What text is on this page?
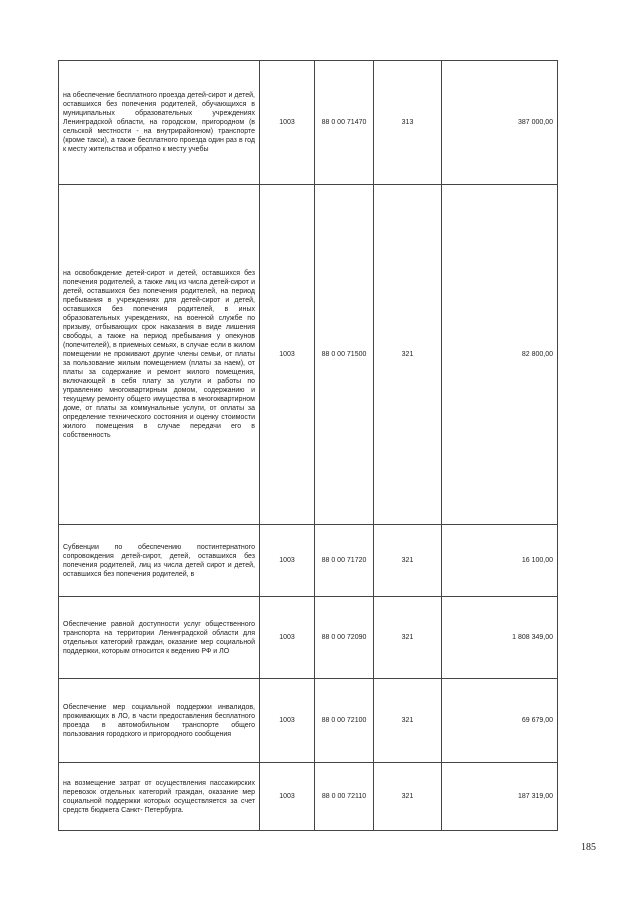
на обеспечение бесплатного проезда детей-сирот и детей, оставшихся без попечения родителей, обучающихся в муниципальных образовательных учреждениях Ленинградской области, на городском, пригородном (в сельской местности - на внутрирайонном) транспорте (кроме такси), а также бесплатного проезда один раз в год к месту жительства и обратно к месту учебы	1003	88 0 00 71470	313	387 000,00
на освобождение детей-сирот и детей, оставшихся без попечения родителей, а также лиц из числа детей-сирот и детей, оставшихся без попечения родителей, на период пребывания в учреждениях для детей-сирот и детей, оставшихся без попечения родителей, в иных образовательных учреждениях, на военной службе по призыву, отбывающих срок наказания в виде лишения свободы, а также на период пребывания у опекунов (попечителей), в приемных семьях, в случае если в жилом помещении не проживают другие члены семьи, от платы за пользование жилым помещением (платы за наем), от платы за содержание и ремонт жилого помещения, включающей в себя плату за услуги и работы по управлению многоквартирным домом, содержанию и текущему ремонту общего имущества в многоквартирном доме, от платы за коммунальные услуги, от оплаты за определение технического состояния и оценку стоимости жилого помещения в случае передачи его в собственность	1003	88 0 00 71500	321	82 800,00
Субвенции по обеспечению постинтернатного сопровождения детей-сирот, детей, оставшихся без попечения родителей, лиц из числа детей сирот и детей, оставшихся без попечения родителей, в	1003	88 0 00 71720	321	16 100,00
Обеспечение равной доступности услуг общественного транспорта на территории Ленинградской области для отдельных категорий граждан, оказание мер социальной поддержки, которым относится к ведению РФ и ЛО	1003	88 0 00 72090	321	1 808 349,00
Обеспечение мер социальной поддержки инвалидов, проживающих в ЛО, в части предоставления бесплатного проезда в автомобильном транспорте общего пользования городского и пригородного сообщения	1003	88 0 00 72100	321	69 679,00
на возмещение затрат от осуществления пассажирских перевозок отдельных категорий граждан, оказание мер социальной поддержки которых осуществляется за счет средств бюджета Санкт- Петербурга.	1003	88 0 00 72110	321	187 319,00
185
